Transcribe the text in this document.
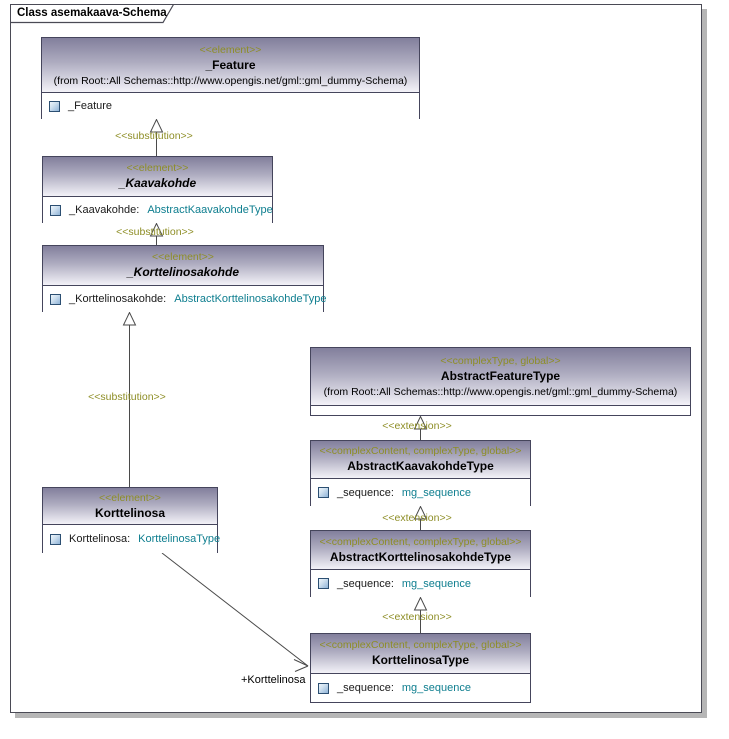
Class asemakaava-Schema
<<element>>
_Feature
(from Root::All Schemas::http://www.opengis.net/gml::gml_dummy-Schema)
_Feature
<<element>>
_Kaavakohde
_Kaavakohde: AbstractKaavakohdeType
<<element>>
_Korttelinosakohde
_Korttelinosakohde: AbstractKorttelinosakohdeType
<<element>>
Korttelinosa
Korttelinosa: KorttelinosaType
<<complexType, global>>
AbstractFeatureType
(from Root::All Schemas::http://www.opengis.net/gml::gml_dummy-Schema)
<<complexContent, complexType, global>>
AbstractKaavakohdeType
_sequence: mg_sequence
<<complexContent, complexType, global>>
AbstractKorttelinosakohdeType
_sequence: mg_sequence
<<complexContent, complexType, global>>
KorttelinosaType
_sequence: mg_sequence
<<substitution>>
<<substitution>>
<<substitution>>
<<extension>>
<<extension>>
<<extension>>
+Korttelinosa
